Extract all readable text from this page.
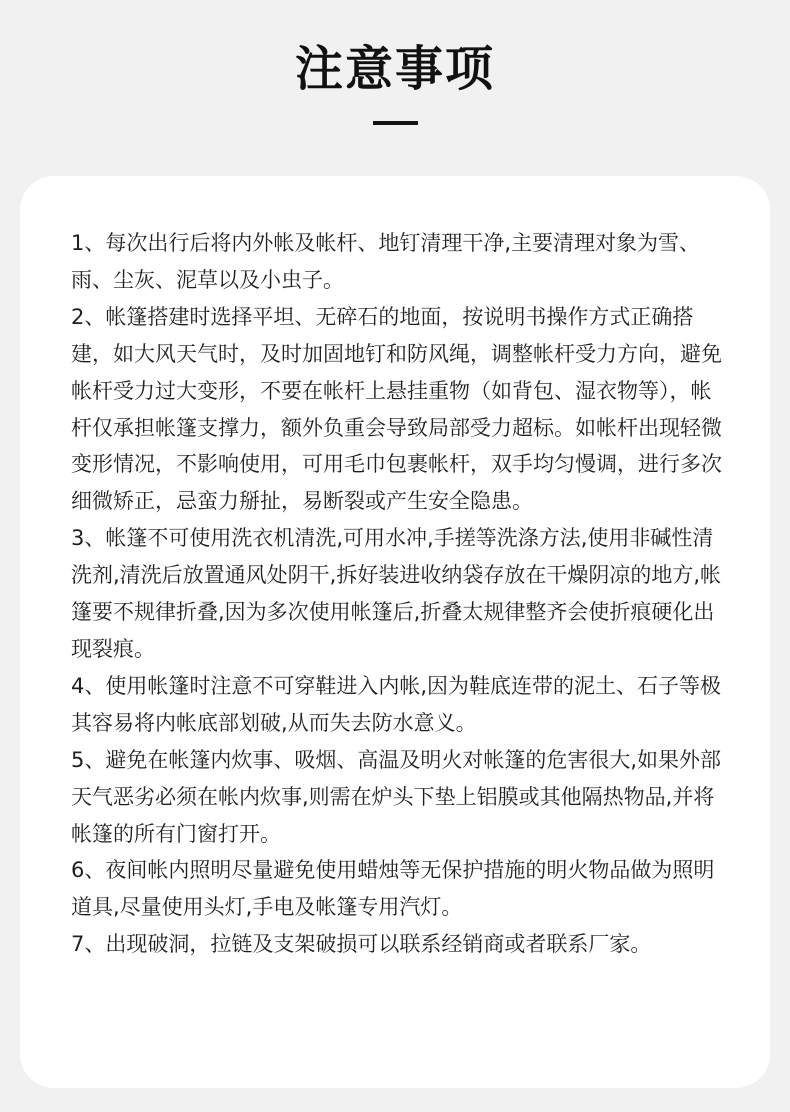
注意事项
1、每次出行后将内外帐及帐杆、地钉清理干净,主要清理对象为雪、雨、尘灰、泥草以及小虫子。
2、帐篷搭建时选择平坦、无碎石的地面，按说明书操作方式正确搭建，如大风天气时，及时加固地钉和防风绳，调整帐杆受力方向，避免帐杆受力过大变形，不要在帐杆上悬挂重物（如背包、湿衣物等），帐杆仅承担帐篷支撑力，额外负重会导致局部受力超标。如帐杆出现轻微变形情况，不影响使用，可用毛巾包裹帐杆，双手均匀慢调，进行多次细微矫正，忌蛮力掰扯，易断裂或产生安全隐患。
3、帐篷不可使用洗衣机清洗,可用水冲,手搓等洗涤方法,使用非碱性清洗剂,清洗后放置通风处阴干,拆好装进收纳袋存放在干燥阴凉的地方,帐篷要不规律折叠,因为多次使用帐篷后,折叠太规律整齐会使折痕硬化出现裂痕。
4、使用帐篷时注意不可穿鞋进入内帐,因为鞋底连带的泥土、石子等极其容易将内帐底部划破,从而失去防水意义。
5、避免在帐篷内炊事、吸烟、高温及明火对帐篷的危害很大,如果外部天气恶劣必须在帐内炊事,则需在炉头下垫上铝膜或其他隔热物品,并将帐篷的所有门窗打开。
6、夜间帐内照明尽量避免使用蜡烛等无保护措施的明火物品做为照明道具,尽量使用头灯,手电及帐篷专用汽灯。
7、出现破洞，拉链及支架破损可以联系经销商或者联系厂家。
